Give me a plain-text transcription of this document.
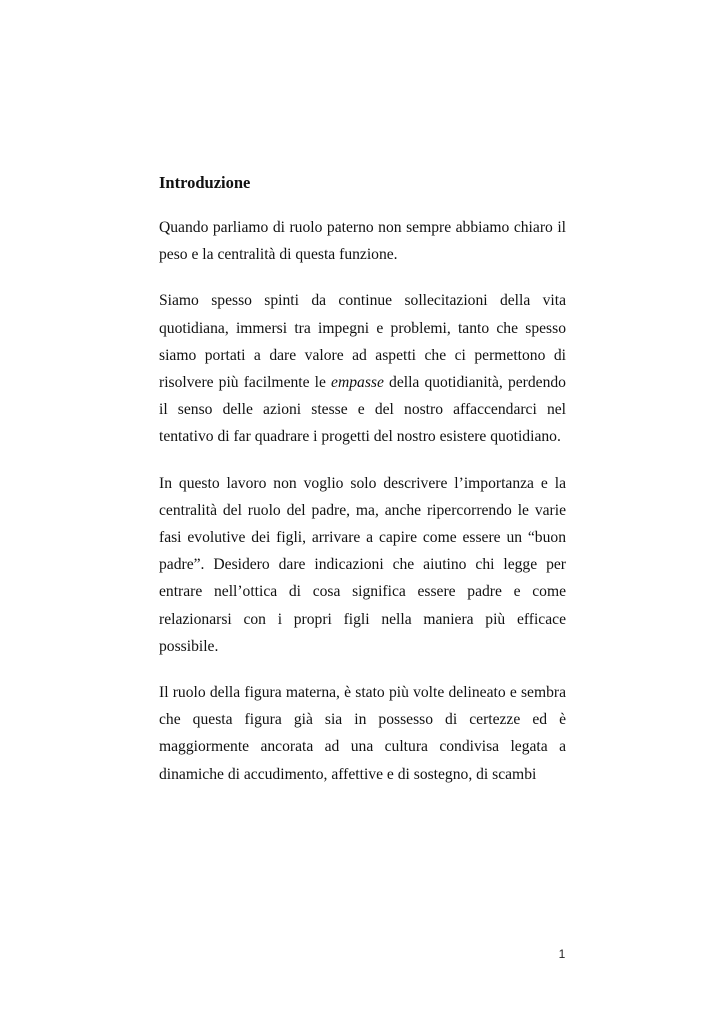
Introduzione

Quando parliamo di ruolo paterno non sempre abbiamo chiaro il peso e la centralità di questa funzione.

Siamo spesso spinti da continue sollecitazioni della vita quotidiana, immersi tra impegni e problemi, tanto che spesso siamo portati a dare valore ad aspetti che ci permettono di risolvere più facilmente le empasse della quotidianità, perdendo il senso delle azioni stesse e del nostro affaccendarci nel tentativo di far quadrare i progetti del nostro esistere quotidiano.

In questo lavoro non voglio solo descrivere l’importanza e la centralità del ruolo del padre, ma, anche ripercorrendo le varie fasi evolutive dei figli, arrivare a capire come essere un “buon padre”. Desidero dare indicazioni che aiutino chi legge per entrare nell’ottica di cosa significa essere padre e come relazionarsi con i propri figli nella maniera più efficace possibile.

Il ruolo della figura materna, è stato più volte delineato e sembra che questa figura già sia in possesso di certezze ed è maggiormente ancorata ad una cultura condivisa legata a dinamiche di accudimento, affettive e di sostegno, di scambi

1
